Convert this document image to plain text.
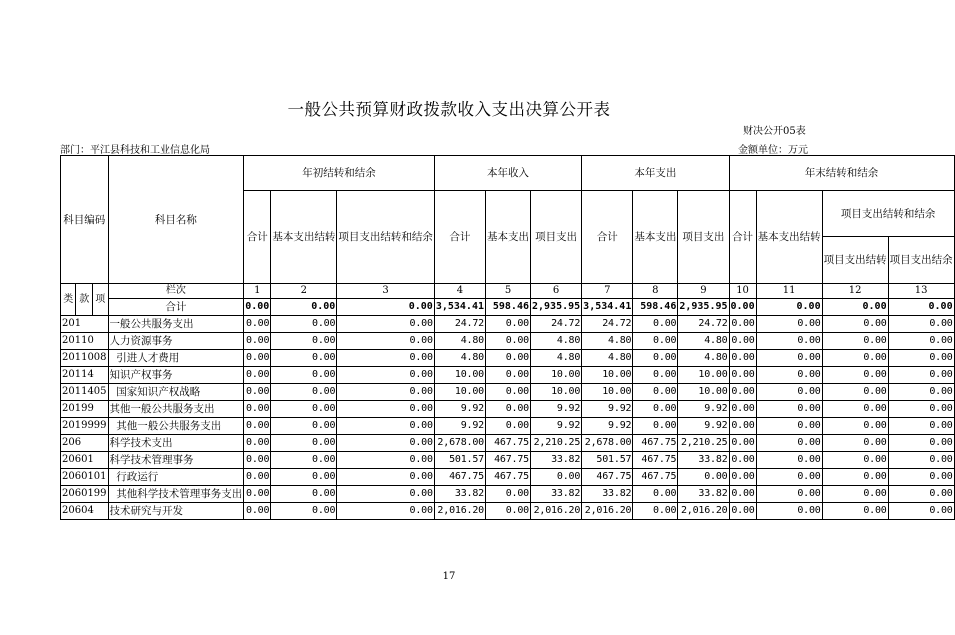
一般公共预算财政拨款收入支出决算公开表
财决公开05表
部门：平江县科技和工业信息化局	金额单位：万元
科目编码			科目名称	年初结转和结余			本年收入			本年支出			年末结转和结余			
				合计	基本支出结转	项目支出结转和结余	合计	基本支出	项目支出	合计	基本支出	项目支出	合计	基本支出结转	项目支出结转和结余	
															项目支出结转	项目支出结余
类	款	项	栏次	1	2	3	4	5	6	7	8	9	10	11	12	13
			合计	0.00	0.00	0.00	3,534.41	598.46	2,935.95	3,534.41	598.46	2,935.95	0.00	0.00	0.00	0.00
201			一般公共服务支出	0.00	0.00	0.00	24.72	0.00	24.72	24.72	0.00	24.72	0.00	0.00	0.00	0.00
20110			人力资源事务	0.00	0.00	0.00	4.80	0.00	4.80	4.80	0.00	4.80	0.00	0.00	0.00	0.00
2011008			引进人才费用	0.00	0.00	0.00	4.80	0.00	4.80	4.80	0.00	4.80	0.00	0.00	0.00	0.00
20114			知识产权事务	0.00	0.00	0.00	10.00	0.00	10.00	10.00	0.00	10.00	0.00	0.00	0.00	0.00
2011405			国家知识产权战略	0.00	0.00	0.00	10.00	0.00	10.00	10.00	0.00	10.00	0.00	0.00	0.00	0.00
20199			其他一般公共服务支出	0.00	0.00	0.00	9.92	0.00	9.92	9.92	0.00	9.92	0.00	0.00	0.00	0.00
2019999			其他一般公共服务支出	0.00	0.00	0.00	9.92	0.00	9.92	9.92	0.00	9.92	0.00	0.00	0.00	0.00
206			科学技术支出	0.00	0.00	0.00	2,678.00	467.75	2,210.25	2,678.00	467.75	2,210.25	0.00	0.00	0.00	0.00
20601			科学技术管理事务	0.00	0.00	0.00	501.57	467.75	33.82	501.57	467.75	33.82	0.00	0.00	0.00	0.00
2060101			行政运行	0.00	0.00	0.00	467.75	467.75	0.00	467.75	467.75	0.00	0.00	0.00	0.00	0.00
2060199			其他科学技术管理事务支出	0.00	0.00	0.00	33.82	0.00	33.82	33.82	0.00	33.82	0.00	0.00	0.00	0.00
20604			技术研究与开发	0.00	0.00	0.00	2,016.20	0.00	2,016.20	2,016.20	0.00	2,016.20	0.00	0.00	0.00	0.00
17
